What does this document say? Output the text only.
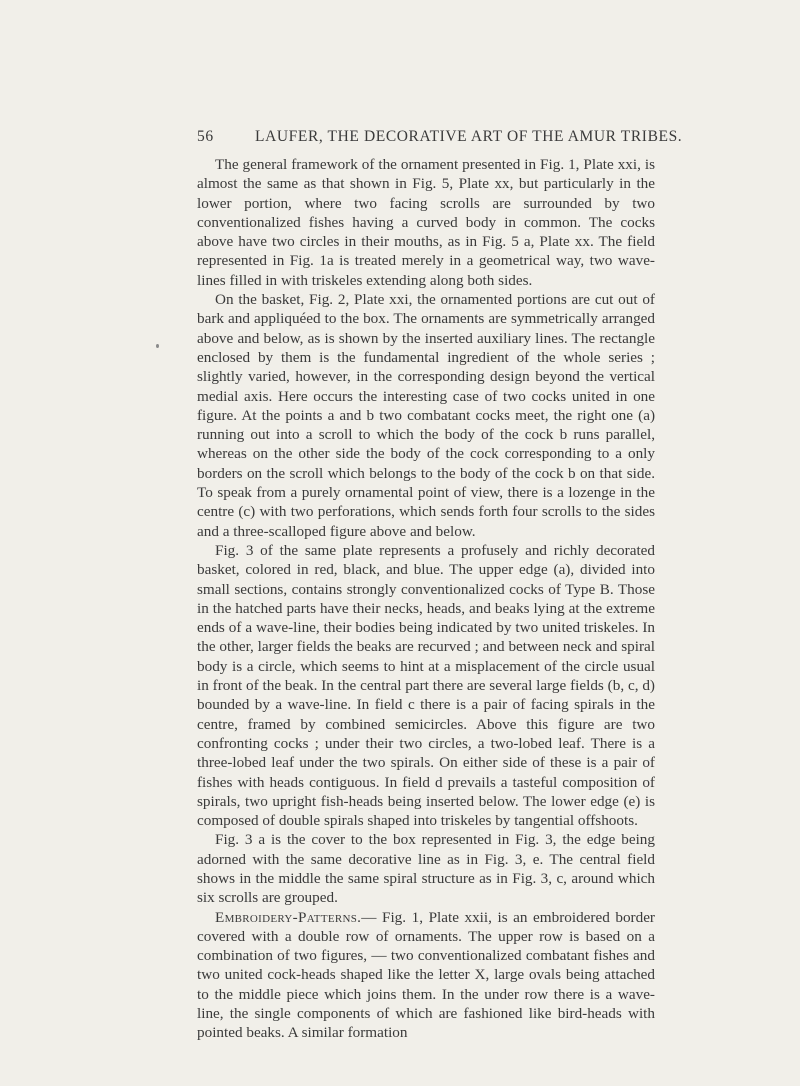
56	LAUFER, THE DECORATIVE ART OF THE AMUR TRIBES.

The general framework of the ornament presented in Fig. 1, Plate xxi, is almost the same as that shown in Fig. 5, Plate xx, but particularly in the lower portion, where two facing scrolls are surrounded by two conventionalized fishes having a curved body in common. The cocks above have two circles in their mouths, as in Fig. 5 a, Plate xx. The field represented in Fig. 1a is treated merely in a geometrical way, two wave-lines filled in with triskeles extending along both sides.

On the basket, Fig. 2, Plate xxi, the ornamented portions are cut out of bark and appliquéed to the box. The ornaments are symmetrically arranged above and below, as is shown by the inserted auxiliary lines. The rectangle enclosed by them is the fundamental ingredient of the whole series ; slightly varied, however, in the corresponding design beyond the vertical medial axis. Here occurs the interesting case of two cocks united in one figure. At the points a and b two combatant cocks meet, the right one (a) running out into a scroll to which the body of the cock b runs parallel, whereas on the other side the body of the cock corresponding to a only borders on the scroll which belongs to the body of the cock b on that side. To speak from a purely ornamental point of view, there is a lozenge in the centre (c) with two perforations, which sends forth four scrolls to the sides and a three-scalloped figure above and below.

Fig. 3 of the same plate represents a profusely and richly decorated basket, colored in red, black, and blue. The upper edge (a), divided into small sections, contains strongly conventionalized cocks of Type B. Those in the hatched parts have their necks, heads, and beaks lying at the extreme ends of a wave-line, their bodies being indicated by two united triskeles. In the other, larger fields the beaks are recurved ; and between neck and spiral body is a circle, which seems to hint at a misplacement of the circle usual in front of the beak. In the central part there are several large fields (b, c, d) bounded by a wave-line. In field c there is a pair of facing spirals in the centre, framed by combined semicircles. Above this figure are two confronting cocks ; under their two circles, a two-lobed leaf. There is a three-lobed leaf under the two spirals. On either side of these is a pair of fishes with heads contiguous. In field d prevails a tasteful composition of spirals, two upright fish-heads being inserted below. The lower edge (e) is composed of double spirals shaped into triskeles by tangential offshoots.

Fig. 3 a is the cover to the box represented in Fig. 3, the edge being adorned with the same decorative line as in Fig. 3, e. The central field shows in the middle the same spiral structure as in Fig. 3, c, around which six scrolls are grouped.

Embroidery-Patterns.— Fig. 1, Plate xxii, is an embroidered border covered with a double row of ornaments. The upper row is based on a combination of two figures, — two conventionalized combatant fishes and two united cock-heads shaped like the letter X, large ovals being attached to the middle piece which joins them. In the under row there is a wave-line, the single components of which are fashioned like bird-heads with pointed beaks. A similar formation
